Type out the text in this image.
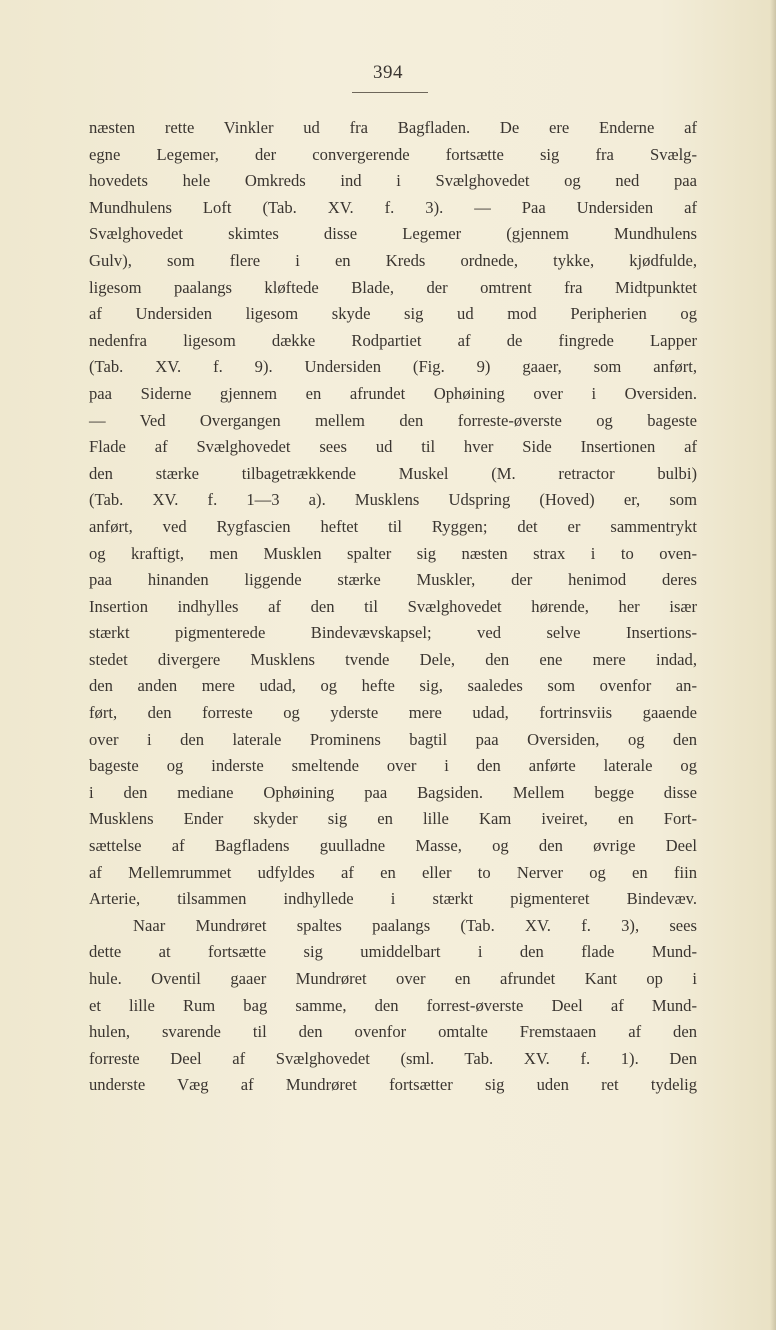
394
næsten rette Vinkler ud fra Bagfladen. De ere Enderne af
egne Legemer, der convergerende fortsætte sig fra Svælg-
hovedets hele Omkreds ind i Svælghovedet og ned paa
Mundhulens Loft (Tab. XV. f. 3). — Paa Undersiden af
Svælghovedet skimtes disse Legemer (gjennem Mundhulens
Gulv), som flere i en Kreds ordnede, tykke, kjødfulde,
ligesom paalangs kløftede Blade, der omtrent fra Midtpunktet
af Undersiden ligesom skyde sig ud mod Peripherien og
nedenfra ligesom dække Rodpartiet af de fingrede Lapper
(Tab. XV. f. 9). Undersiden (Fig. 9) gaaer, som anført,
paa Siderne gjennem en afrundet Ophøining over i Oversiden.
— Ved Overgangen mellem den forreste-øverste og bageste
Flade af Svælghovedet sees ud til hver Side Insertionen af
den stærke tilbagetrækkende Muskel (M. retractor bulbi)
(Tab. XV. f. 1—3 a). Musklens Udspring (Hoved) er, som
anført, ved Rygfascien heftet til Ryggen; det er sammentrykt
og kraftigt, men Musklen spalter sig næsten strax i to oven-
paa hinanden liggende stærke Muskler, der henimod deres
Insertion indhylles af den til Svælghovedet hørende, her især
stærkt pigmenterede Bindevævskapsel; ved selve Insertions-
stedet divergere Musklens tvende Dele, den ene mere indad,
den anden mere udad, og hefte sig, saaledes som ovenfor an-
ført, den forreste og yderste mere udad, fortrinsviis gaaende
over i den laterale Prominens bagtil paa Oversiden, og den
bageste og inderste smeltende over i den anførte laterale og
i den mediane Ophøining paa Bagsiden. Mellem begge disse
Musklens Ender skyder sig en lille Kam iveiret, en Fort-
sættelse af Bagfladens guulladne Masse, og den øvrige Deel
af Mellemrummet udfyldes af en eller to Nerver og en fiin
Arterie, tilsammen indhyllede i stærkt pigmenteret Bindevæv.
Naar Mundrøret spaltes paalangs (Tab. XV. f. 3), sees
dette at fortsætte sig umiddelbart i den flade Mund-
hule. Oventil gaaer Mundrøret over en afrundet Kant op i
et lille Rum bag samme, den forrest-øverste Deel af Mund-
hulen, svarende til den ovenfor omtalte Fremstaaen af den
forreste Deel af Svælghovedet (sml. Tab. XV. f. 1). Den
underste Væg af Mundrøret fortsætter sig uden ret tydelig
